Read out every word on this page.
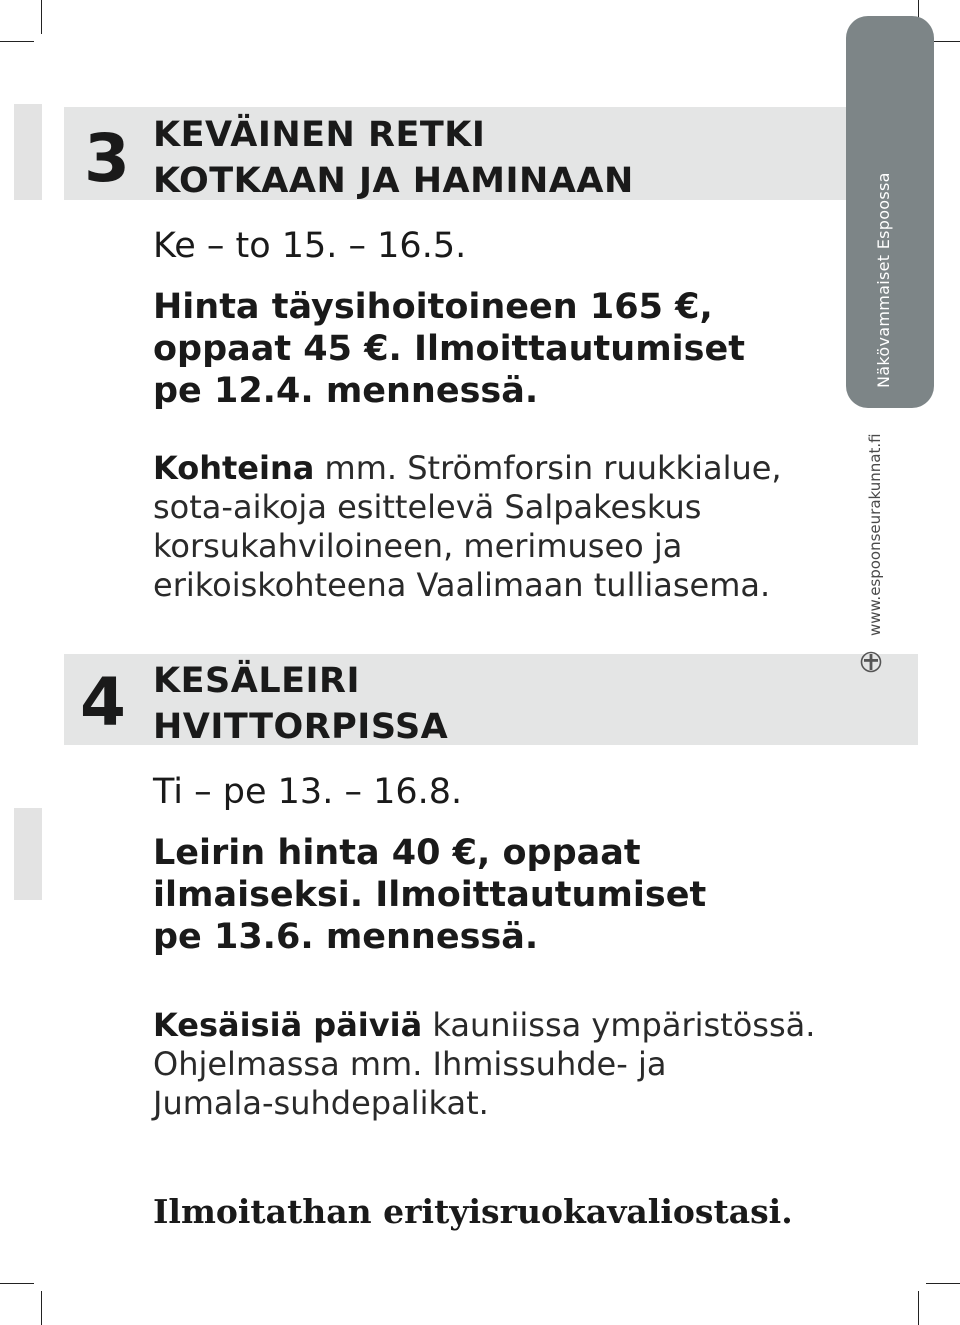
3 KEVÄINEN RETKI
KOTKAAN JA HAMINAAN
Ke – to 15. – 16.5.
Hinta täysihoitoineen 165 €,
oppaat 45 €. Ilmoittautumiset
pe 12.4. mennessä.
Kohteina mm. Strömforsin ruukkialue,
sota-aikoja esittelevä Salpakeskus
korsukahviloineen, merimuseo ja
erikoiskohteena Vaalimaan tulliasema.
4 KESÄLEIRI
HVITTORPISSA
Ti – pe 13. – 16.8.
Leirin hinta 40 €, oppaat
ilmaiseksi. Ilmoittautumiset
pe 13.6. mennessä.
Kesäisiä päiviä kauniissa ympäristössä.
Ohjelmassa mm. Ihmissuhde- ja
Jumala-suhdepalikat.
Ilmoitathan erityisruokavaliostasi.
Näkövammaiset Espoossa
www.espoonseurakunnat.fi
